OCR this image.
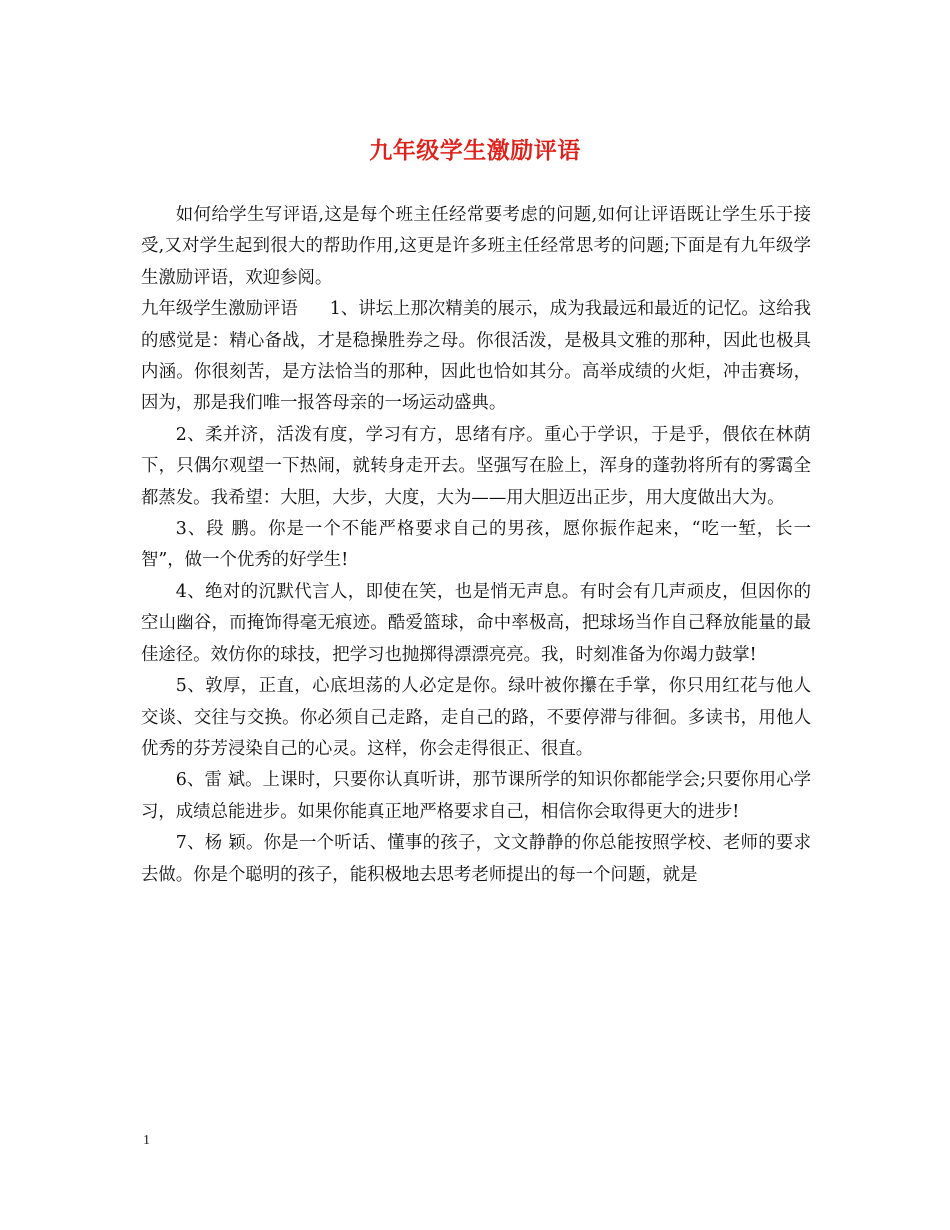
九年级学生激励评语

如何给学生写评语,这是每个班主任经常要考虑的问题,如何让评语既让学生乐于接受,又对学生起到很大的帮助作用,这更是许多班主任经常思考的问题;下面是有九年级学生激励评语，欢迎参阅。

九年级学生激励评语 1、讲坛上那次精美的展示，成为我最远和最近的记忆。这给我的感觉是：精心备战，才是稳操胜券之母。你很活泼，是极具文雅的那种，因此也极具内涵。你很刻苦，是方法恰当的那种，因此也恰如其分。高举成绩的火炬，冲击赛场，因为，那是我们唯一报答母亲的一场运动盛典。

2、柔并济，活泼有度，学习有方，思绪有序。重心于学识，于是乎，偎依在林荫下，只偶尔观望一下热闹，就转身走开去。坚强写在脸上，浑身的蓬勃将所有的雾霭全都蒸发。我希望：大胆，大步，大度，大为——用大胆迈出正步，用大度做出大为。

3、段 鹏。你是一个不能严格要求自己的男孩，愿你振作起来，“吃一堑，长一智”，做一个优秀的好学生!

4、绝对的沉默代言人，即使在笑，也是悄无声息。有时会有几声顽皮，但因你的空山幽谷，而掩饰得毫无痕迹。酷爱篮球，命中率极高，把球场当作自己释放能量的最佳途径。效仿你的球技，把学习也抛掷得漂漂亮亮。我，时刻准备为你竭力鼓掌!

5、敦厚，正直，心底坦荡的人必定是你。绿叶被你攥在手掌，你只用红花与他人交谈、交往与交换。你必须自己走路，走自己的路，不要停滞与徘徊。多读书，用他人优秀的芬芳浸染自己的心灵。这样，你会走得很正、很直。

6、雷 斌。上课时，只要你认真听讲，那节课所学的知识你都能学会;只要你用心学习，成绩总能进步。如果你能真正地严格要求自己，相信你会取得更大的进步!

7、杨 颖。你是一个听话、懂事的孩子，文文静静的你总能按照学校、老师的要求去做。你是个聪明的孩子，能积极地去思考老师提出的每一个问题，就是

1
